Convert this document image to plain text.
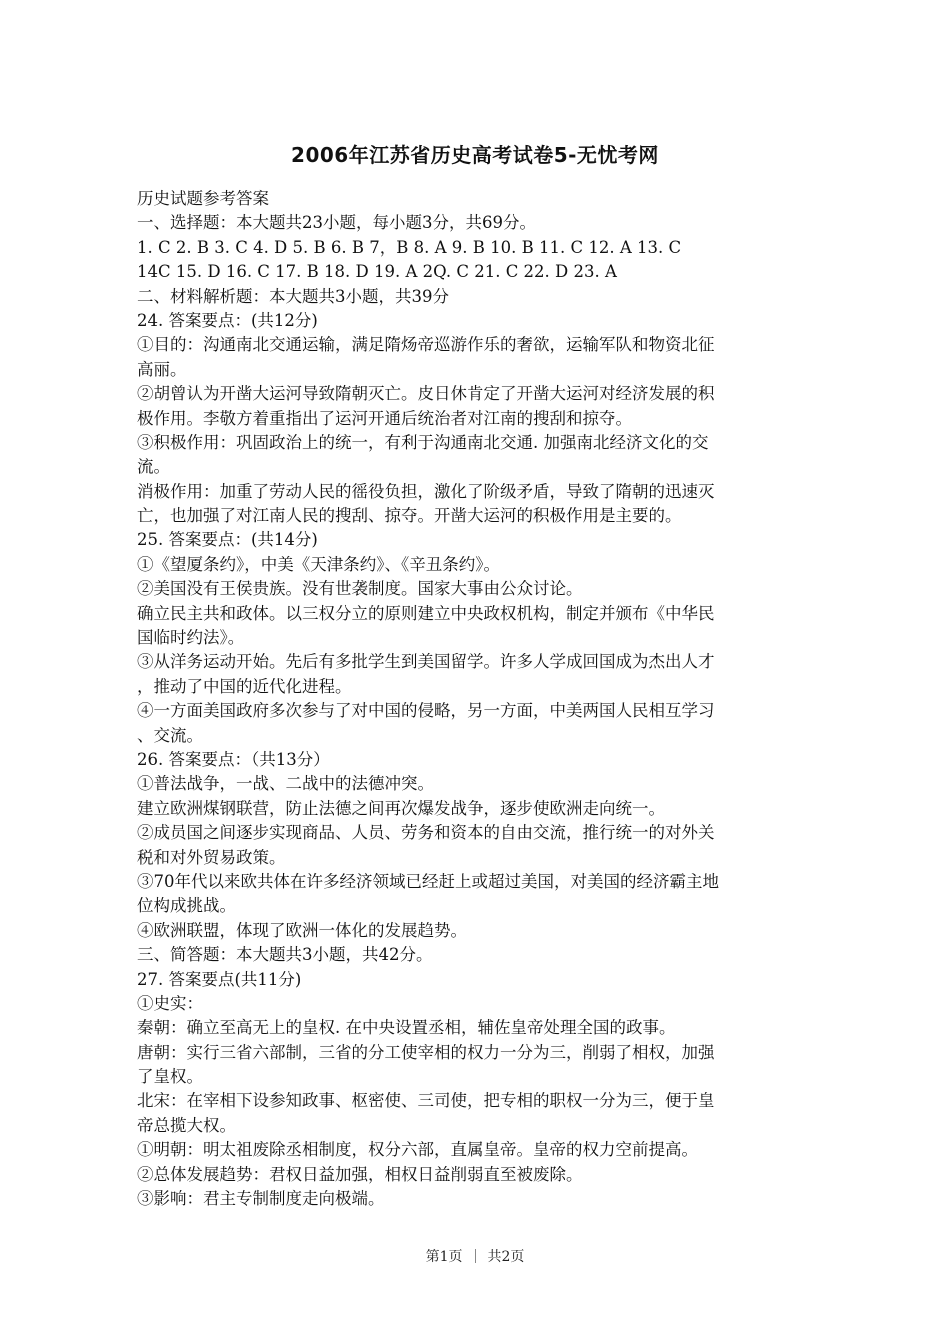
2006年江苏省历史高考试卷5-无忧考网
历史试题参考答案
一、选择题：本大题共23小题，每小题3分，共69分。
1. C 2. B 3. C 4. D 5. B 6. B 7，B 8. A 9. B 10. B 11. C 12. A 13. C
14C 15. D 16. C 17. B 18. D 19. A 2Q. C 21. C 22. D 23. A
二、材料解析题：本大题共3小题，共39分
24. 答案要点：(共12分)
①目的：沟通南北交通运输，满足隋炀帝巡游作乐的奢欲，运输军队和物资北征
高丽。
②胡曾认为开凿大运河导致隋朝灭亡。皮日休肯定了开凿大运河对经济发展的积
极作用。李敬方着重指出了运河开通后统治者对江南的搜刮和掠夺。
③积极作用：巩固政治上的统一，有利于沟通南北交通. 加强南北经济文化的交
流。
消极作用：加重了劳动人民的徭役负担，激化了阶级矛盾，导致了隋朝的迅速灭
亡，也加强了对江南人民的搜刮、掠夺。开凿大运河的积极作用是主要的。
25. 答案要点：(共14分)
①《望厦条约》，中美《天津条约》、《辛丑条约》。
②美国没有王侯贵族。没有世袭制度。国家大事由公众讨论。
确立民主共和政体。以三权分立的原则建立中央政权机构，制定并颁布《中华民
国临时约法》。
③从洋务运动开始。先后有多批学生到美国留学。许多人学成回国成为杰出人才
，推动了中国的近代化进程。
④一方面美国政府多次参与了对中国的侵略，另一方面，中美两国人民相互学习
、交流。
26. 答案要点：（共13分）
①普法战争，一战、二战中的法德冲突。
建立欧洲煤钢联营，防止法德之间再次爆发战争，逐步使欧洲走向统一。
②成员国之间逐步实现商品、人员、劳务和资本的自由交流，推行统一的对外关
税和对外贸易政策。
③70年代以来欧共体在许多经济领域已经赶上或超过美国，对美国的经济霸主地
位构成挑战。
④欧洲联盟，体现了欧洲一体化的发展趋势。
三、简答题：本大题共3小题，共42分。
27. 答案要点(共11分)
①史实：
秦朝：确立至高无上的皇权. 在中央设置丞相，辅佐皇帝处理全国的政事。
唐朝：实行三省六部制，三省的分工使宰相的权力一分为三，削弱了相权，加强
了皇权。
北宋：在宰相下设参知政事、枢密使、三司使，把专相的职权一分为三，便于皇
帝总揽大权。
①明朝：明太祖废除丞相制度，权分六部，直属皇帝。皇帝的权力空前提高。
②总体发展趋势：君权日益加强，相权日益削弱直至被废除。
③影响：君主专制制度走向极端。
第1页 共2页
